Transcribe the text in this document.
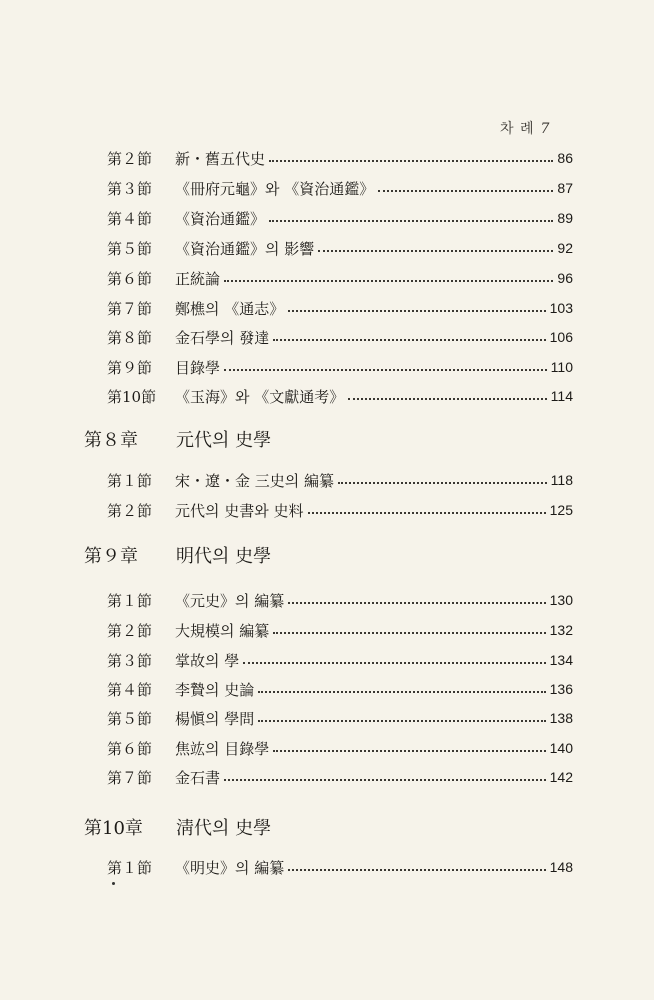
차 례 7
第２節	新・舊五代史	86
第３節	《冊府元龜》와 《資治通鑑》	87
第４節	《資治通鑑》	89
第５節	《資治通鑑》의 影響	92
第６節	正統論	96
第７節	鄭樵의 《通志》	103
第８節	金石學의 發達	106
第９節	目錄學	110
第10節	《玉海》와 《文獻通考》	114
第８章	元代의 史學
第１節	宋・遼・金 三史의 編纂	118
第２節	元代의 史書와 史料	125
第９章	明代의 史學
第１節	《元史》의 編纂	130
第２節	大規模의 編纂	132
第３節	掌故의 學	134
第４節	李贄의 史論	136
第５節	楊愼의 學問	138
第６節	焦竑의 目錄學	140
第７節	金石書	142
第10章	淸代의 史學
第１節	《明史》의 編纂	148
